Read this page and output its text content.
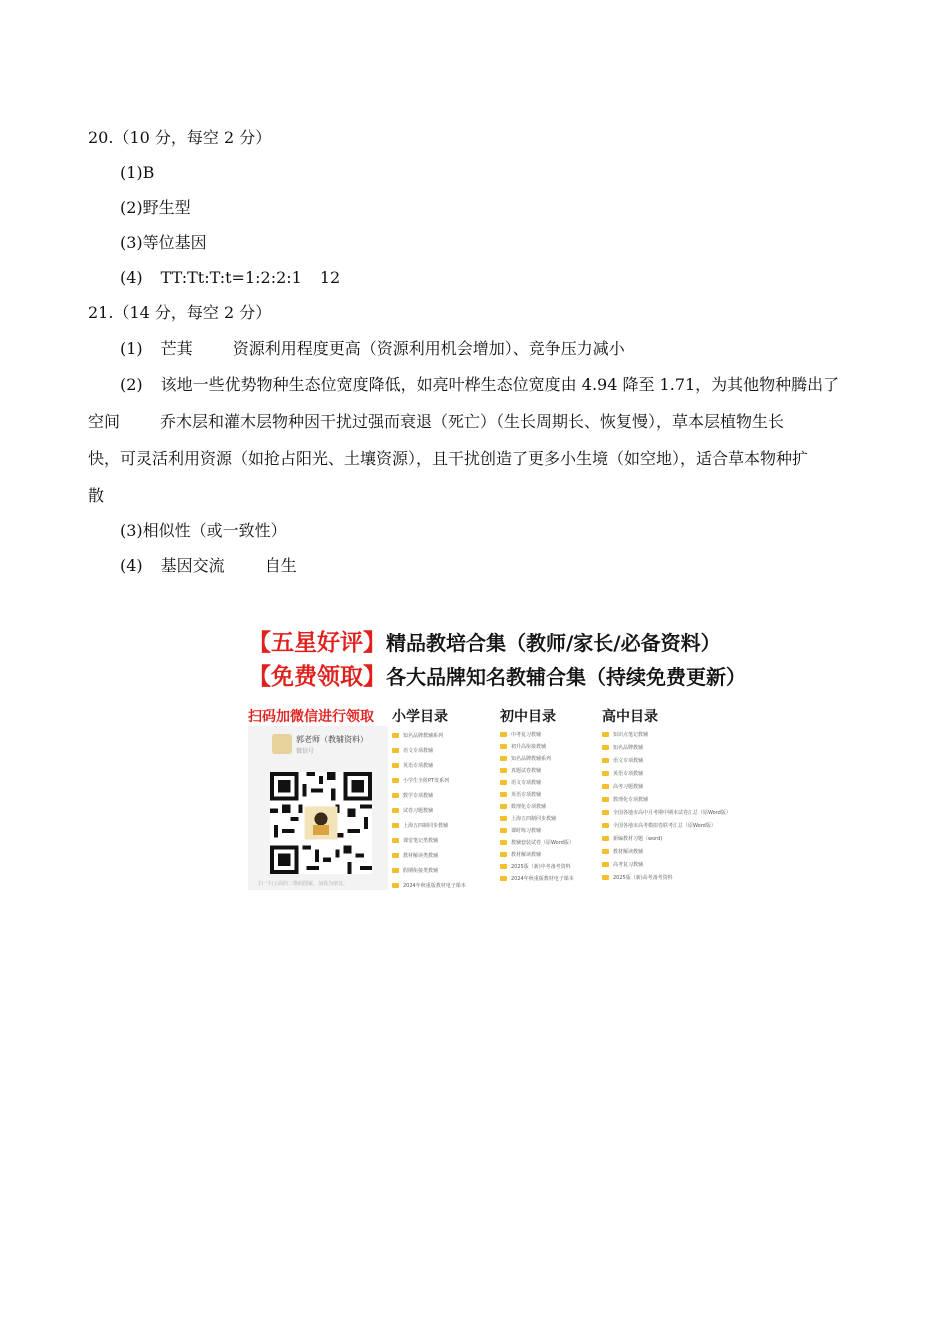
20.（10 分，每空 2 分）
(1)B
(2)野生型
(3)等位基因
(4) TT:Tt:T:t=1:2:2:1 12
21.（14 分，每空 2 分）
(1) 芒萁	资源利用程度更高（资源利用机会增加）、竞争压力减小
(2) 该地一些优势物种生态位宽度降低，如亮叶桦生态位宽度由 4.94 降至 1.71，为其他物种腾出了
空间	乔木层和灌木层物种因干扰过强而衰退（死亡）（生长周期长、恢复慢），草本层植物生长
快，可灵活利用资源（如抢占阳光、土壤资源），且干扰创造了更多小生境（如空地），适合草本物种扩
散
(3)相似性（或一致性）
(4) 基因交流	自生
【五星好评】精品教培合集（教师/家长/必备资料）
【免费领取】各大品牌知名教辅合集（持续免费更新）
扫码加微信进行领取 小学目录	初中目录	高中目录
郭老师（教辅资料）
微信号
扫一扫上面的二维码图案，加我为朋友。
知名品牌教辅系列
语文专项教辅
英语专项教辅
小学生全阶PT发系列
数学专项教辅
试卷习题教辅
上海五四制同步教辅
课堂笔记类教辅
教材解读类教辅
假期衔接类教辅
2024年秋重版教材电子课本
中考复习教辅
初升高衔接教辅
知名品牌教辅系列
真题试卷教辅
语文专项教辅
英语专项教辅
数理化专项教辅
上海五四制同步教辅
课时练习教辅
教辅套装试卷（原Word版）
教材解读教辅
2025版（新)中考备考资料
2024年秋重版教材电子课本
知识点笔记教辅
知名品牌教辅
语文专项教辅
英语专项教辅
高考习题教辅
数理化专项教辅
全国各地市高中月考期中期末试卷汇总（原Word版）
全国各地市高考模拟卷联考汇总（原Word版）
新编教材习题（word)
教材解读教辅
高考复习教辅
2025版（新)高考备考资料
